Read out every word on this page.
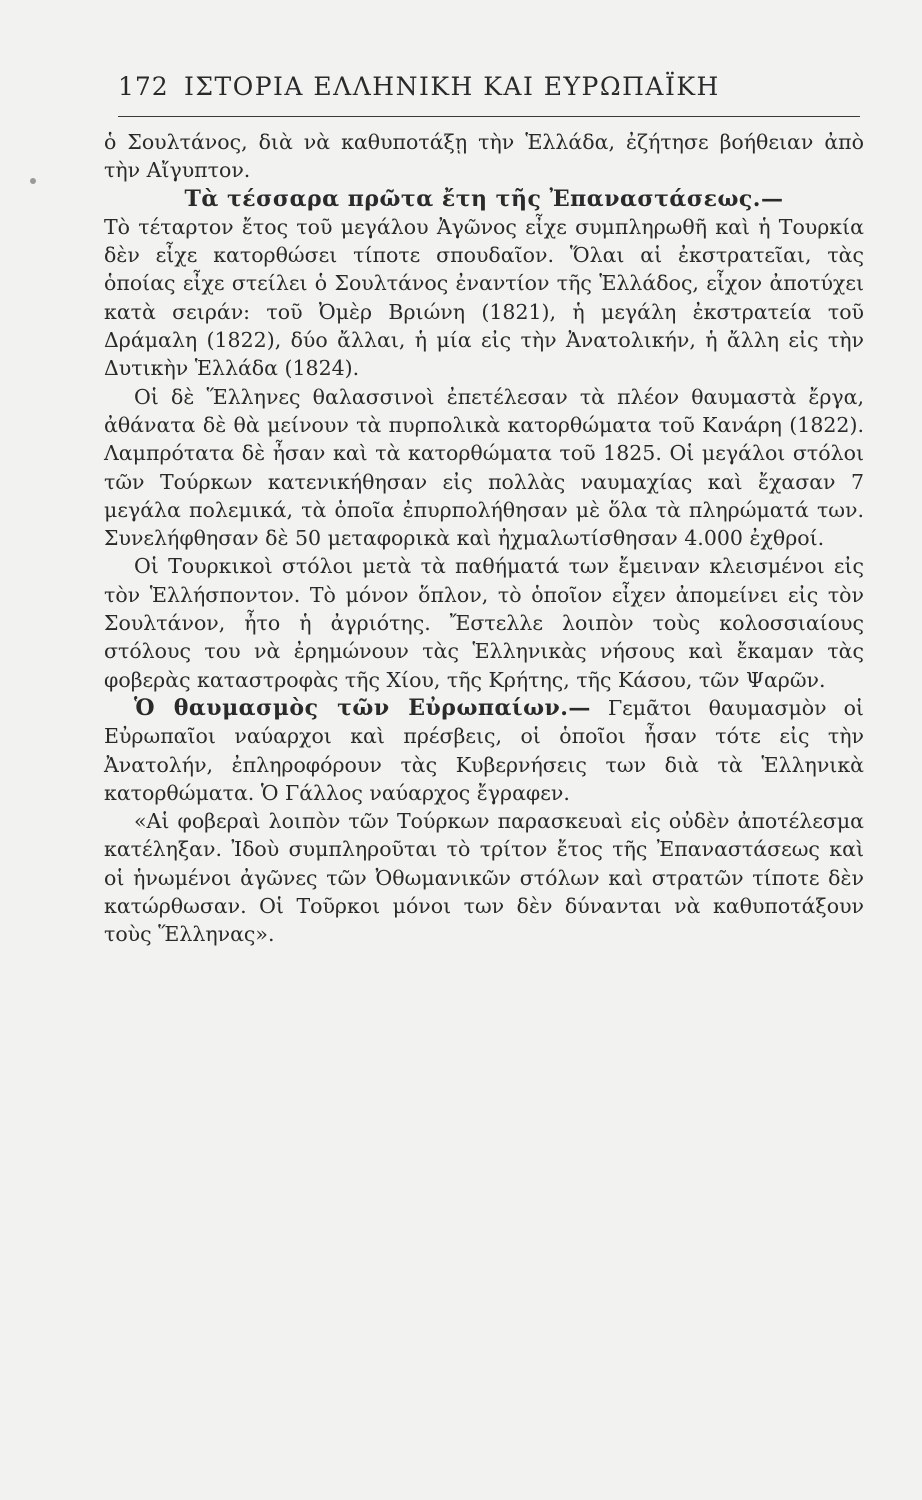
172 ΙΣΤΟΡΙΑ ΕΛΛΗΝΙΚΗ ΚΑΙ ΕΥΡΩΠΑΪΚΗ

ὁ Σουλτάνος, διὰ νὰ καθυποτάξῃ τὴν Ἑλλάδα, ἐζήτησε βοήθειαν ἀπὸ τὴν Αἴγυπτον.

Τὰ τέσσαρα πρῶτα ἔτη τῆς Ἐπαναστάσεως.—

Τὸ τέταρτον ἔτος τοῦ μεγάλου Ἀγῶνος εἶχε συμπληρωθῆ καὶ ἡ Τουρκία δὲν εἶχε κατορθώσει τίποτε σπουδαῖον. Ὅλαι αἱ ἐκστρατεῖαι, τὰς ὁποίας εἶχε στείλει ὁ Σουλτάνος ἐναντίον τῆς Ἑλλάδος, εἶχον ἀποτύχει κατὰ σειράν: τοῦ Ὀμὲρ Βριώνη (1821), ἡ μεγάλη ἐκστρατεία τοῦ Δράμαλη (1822), δύο ἄλλαι, ἡ μία εἰς τὴν Ἀνατολικήν, ἡ ἄλλη εἰς τὴν Δυτικὴν Ἑλλάδα (1824).

Οἱ δὲ Ἕλληνες θαλασσινοὶ ἐπετέλεσαν τὰ πλέον θαυμαστὰ ἔργα, ἀθάνατα δὲ θὰ μείνουν τὰ πυρπολικὰ κατορθώματα τοῦ Κανάρη (1822). Λαμπρότατα δὲ ἦσαν καὶ τὰ κατορθώματα τοῦ 1825. Οἱ μεγάλοι στόλοι τῶν Τούρκων κατενικήθησαν εἰς πολλὰς ναυμαχίας καὶ ἔχασαν 7 μεγάλα πολεμικά, τὰ ὁποῖα ἐπυρπολήθησαν μὲ ὅλα τὰ πληρώματά των. Συνελήφθησαν δὲ 50 μεταφορικὰ καὶ ἠχμαλωτίσθησαν 4.000 ἐχθροί.

Οἱ Τουρκικοὶ στόλοι μετὰ τὰ παθήματά των ἔμειναν κλεισμένοι εἰς τὸν Ἑλλήσποντον. Τὸ μόνον ὅπλον, τὸ ὁποῖον εἶχεν ἀπομείνει εἰς τὸν Σουλτάνον, ἦτο ἡ ἀγριότης. Ἔστελλε λοιπὸν τοὺς κολοσσιαίους στόλους του νὰ ἐρημώνουν τὰς Ἑλληνικὰς νήσους καὶ ἔκαμαν τὰς φοβερὰς καταστροφὰς τῆς Χίου, τῆς Κρήτης, τῆς Κάσου, τῶν Ψαρῶν.

Ὁ θαυμασμὸς τῶν Εὐρωπαίων.— Γεμᾶτοι θαυμασμὸν οἱ Εὐρωπαῖοι ναύαρχοι καὶ πρέσβεις, οἱ ὁποῖοι ἦσαν τότε εἰς τὴν Ἀνατολήν, ἐπληροφόρουν τὰς Κυβερνήσεις των διὰ τὰ Ἑλληνικὰ κατορθώματα. Ὁ Γάλλος ναύαρχος ἔγραφεν.

«Αἱ φοβεραὶ λοιπὸν τῶν Τούρκων παρασκευαὶ εἰς οὐδὲν ἀποτέλεσμα κατέληξαν. Ἰδοὺ συμπληροῦται τὸ τρίτον ἔτος τῆς Ἐπαναστάσεως καὶ οἱ ἡνωμένοι ἀγῶνες τῶν Ὀθωμανικῶν στόλων καὶ στρατῶν τίποτε δὲν κατώρθωσαν. Οἱ Τοῦρκοι μόνοι των δὲν δύνανται νὰ καθυποτάξουν τοὺς Ἕλληνας».
